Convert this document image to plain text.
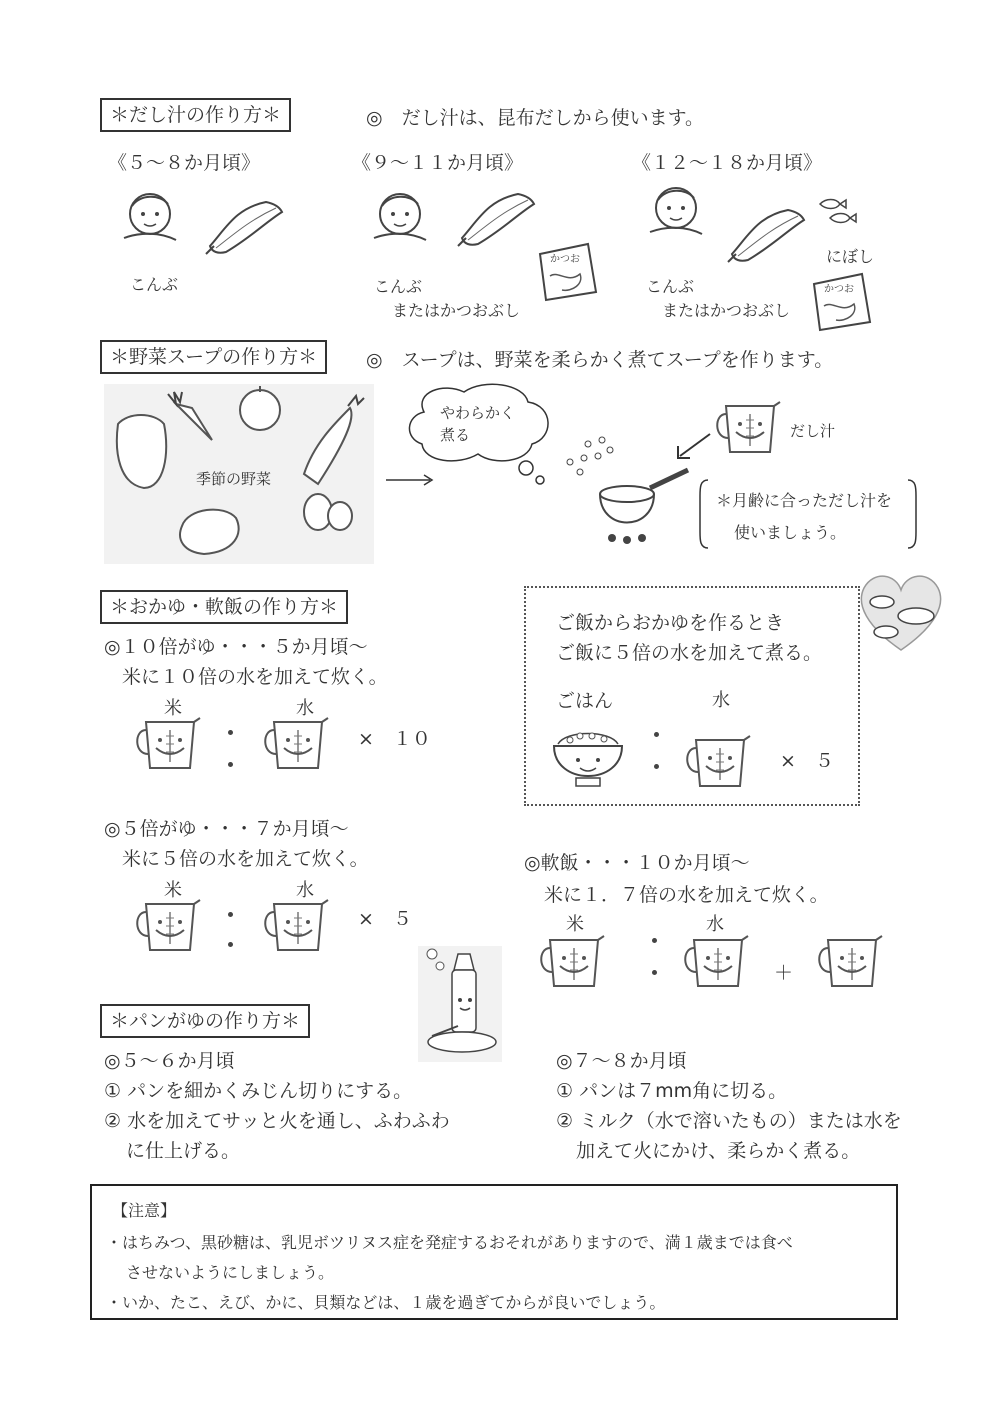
＊だし汁の作り方＊	◎　だし汁は、昆布だしから使います。
《５～８か月頃》	《９～１１か月頃》	《１２～１８か月頃》
こんぶ
かつお
こんぶ
またはかつおぶし
にぼし
かつお
こんぶ
またはかつおぶし
＊野菜スープの作り方＊	◎　スープは、野菜を柔らかく煮てスープを作ります。
季節の野菜
やわらかく
煮る	だし汁
＊月齢に合っただし汁を
使いましょう。
＊おかゆ・軟飯の作り方＊
◎１０倍がゆ・・・５か月頃～
米に１０倍の水を加えて炊く。
米	水
×　１０
◎５倍がゆ・・・７か月頃～
米に５倍の水を加えて炊く。
米	水
×　５
ご飯からおかゆを作るとき
ご飯に５倍の水を加えて煮る。
ごはん	水
×　５
◎軟飯・・・１０か月頃～
米に１．７倍の水を加えて炊く。
米	水
＋
＊パンがゆの作り方＊
◎５～６か月頃
① パンを細かくみじん切りにする。
② 水を加えてサッと火を通し、ふわふわ
に仕上げる。
◎７～８か月頃
① パンは７mm角に切る。
② ミルク（水で溶いたもの）または水を
加えて火にかけ、柔らかく煮る。
【注意】
・はちみつ、黒砂糖は、乳児ボツリヌス症を発症するおそれがありますので、満１歳までは食べ
させないようにしましょう。
・いか、たこ、えび、かに、貝類などは、１歳を過ぎてからが良いでしょう。
